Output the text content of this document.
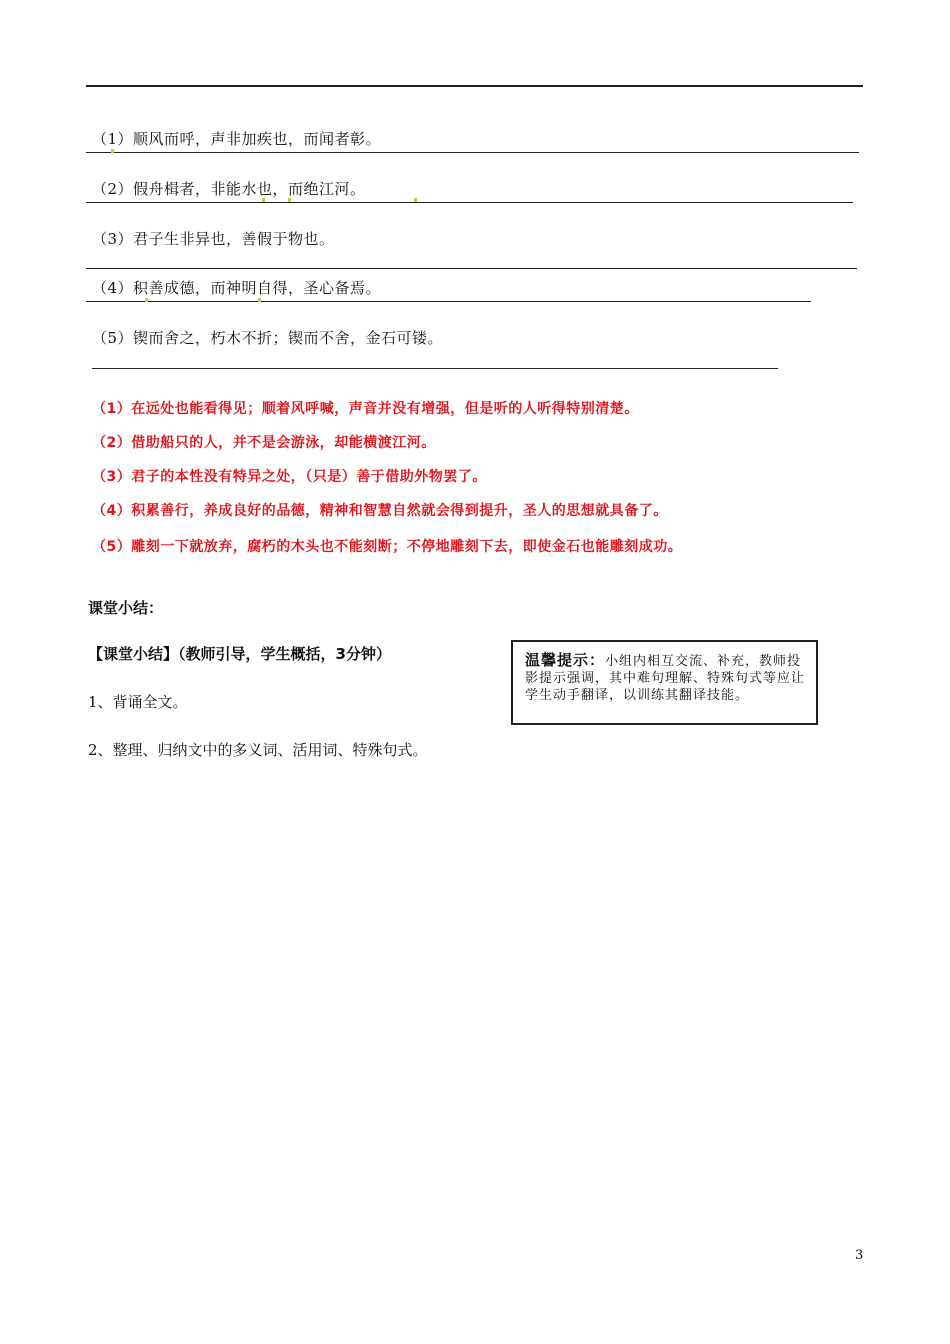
（1）顺风而呼，声非加疾也，而闻者彰。
（2）假舟楫者，非能水也，而绝江河。
（3）君子生非异也，善假于物也。
（4）积善成德，而神明自得，圣心备焉。
（5）锲而舍之，朽木不折；锲而不舍，金石可镂。
（1）在远处也能看得见；顺着风呼喊，声音并没有增强，但是听的人听得特别清楚。
（2）借助船只的人，并不是会游泳，却能横渡江河。
（3）君子的本性没有特异之处，（只是）善于借助外物罢了。
（4）积累善行，养成良好的品德，精神和智慧自然就会得到提升，圣人的思想就具备了。
（5）雕刻一下就放弃，腐朽的木头也不能刻断；不停地雕刻下去，即使金石也能雕刻成功。
课堂小结：
【课堂小结】（教师引导，学生概括，3分钟）
1、背诵全文。
2、整理、归纳文中的多义词、活用词、特殊句式。
温馨提示：小组内相互交流、补充，教师投影提示强调，其中难句理解、特殊句式等应让学生动手翻译，以训练其翻译技能。
3
